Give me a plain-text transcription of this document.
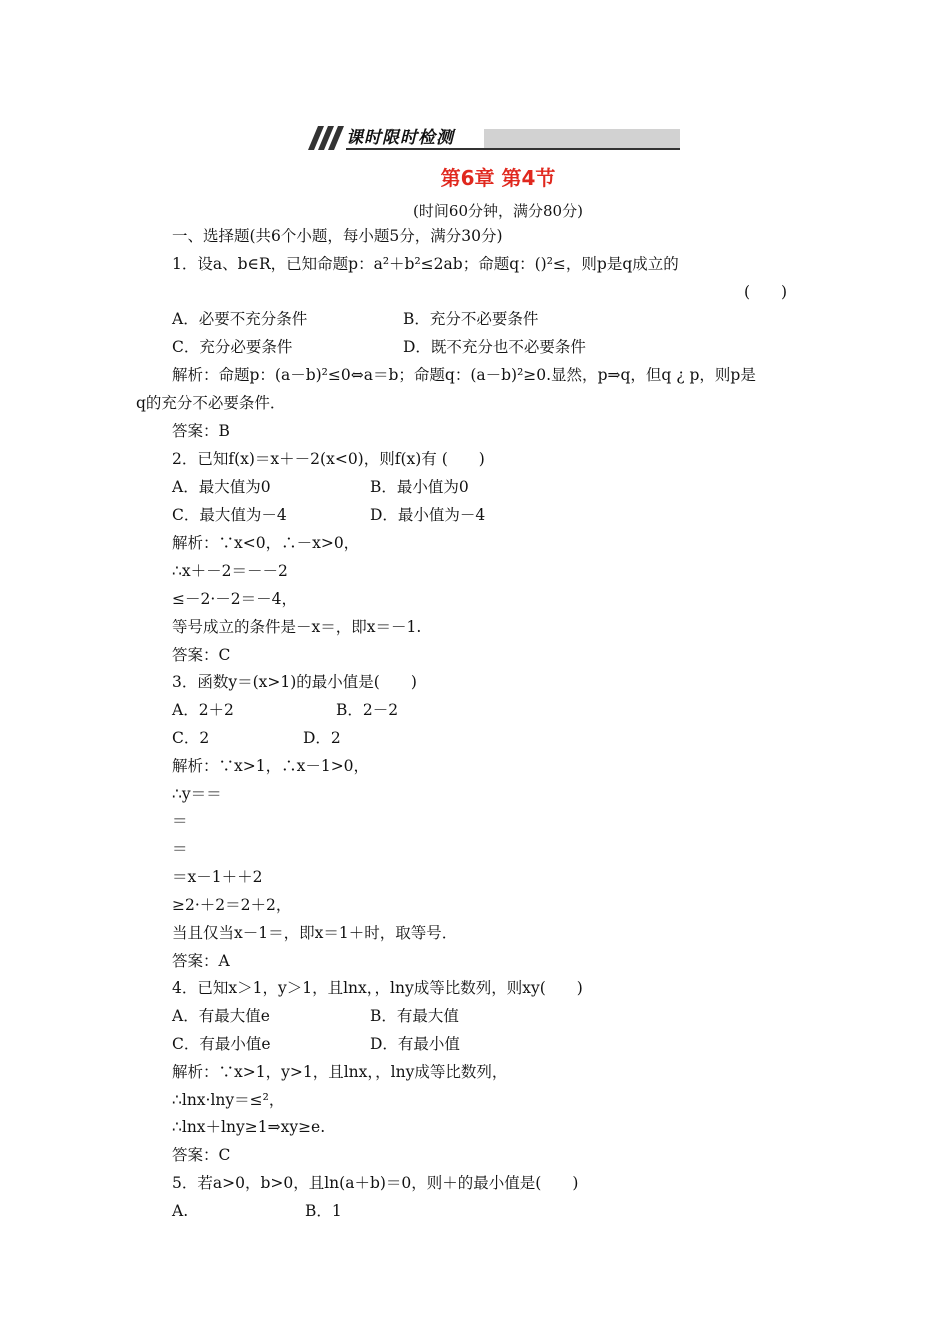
课时限时检测
第6章 第4节
(时间60分钟，满分80分)
一、选择题(共6个小题，每小题5分，满分30分)
1．设a、b∈R，已知命题p：a²＋b²≤2ab；命题q：()²≤，则p是q成立的
(　　)
A．必要不充分条件	B．充分不必要条件
C．充分必要条件	D．既不充分也不必要条件
解析：命题p：(a－b)²≤0⇔a＝b；命题q：(a－b)²≥0.显然，p⇒q，但q ¿ p，则p是
q的充分不必要条件．
答案：B
2．已知f(x)＝x＋－2(x<0)，则f(x)有 (　　)
A．最大值为0	B．最小值为0
C．最大值为－4	D．最小值为－4
解析：∵x<0，∴－x>0，
∴x＋－2＝－－2
≤－2·－2＝－4，
等号成立的条件是－x＝，即x＝－1.
答案：C
3．函数y＝(x>1)的最小值是(　　)
A．2＋2	B．2－2
C．2	D．2
解析：∵x>1，∴x－1>0，
∴y＝＝
＝
＝
＝x－1＋＋2
≥2·＋2＝2＋2，
当且仅当x－1＝，即x＝1＋时，取等号．
答案：A
4．已知x＞1，y＞1，且lnx，，lny成等比数列，则xy(　　)
A．有最大值e	B．有最大值
C．有最小值e	D．有最小值
解析：∵x>1，y>1，且lnx，，lny成等比数列，
∴lnx·lny＝≤²，
∴lnx＋lny≥1⇒xy≥e.
答案：C
5．若a>0，b>0，且ln(a＋b)＝0，则＋的最小值是(　　)
A.	B．1
